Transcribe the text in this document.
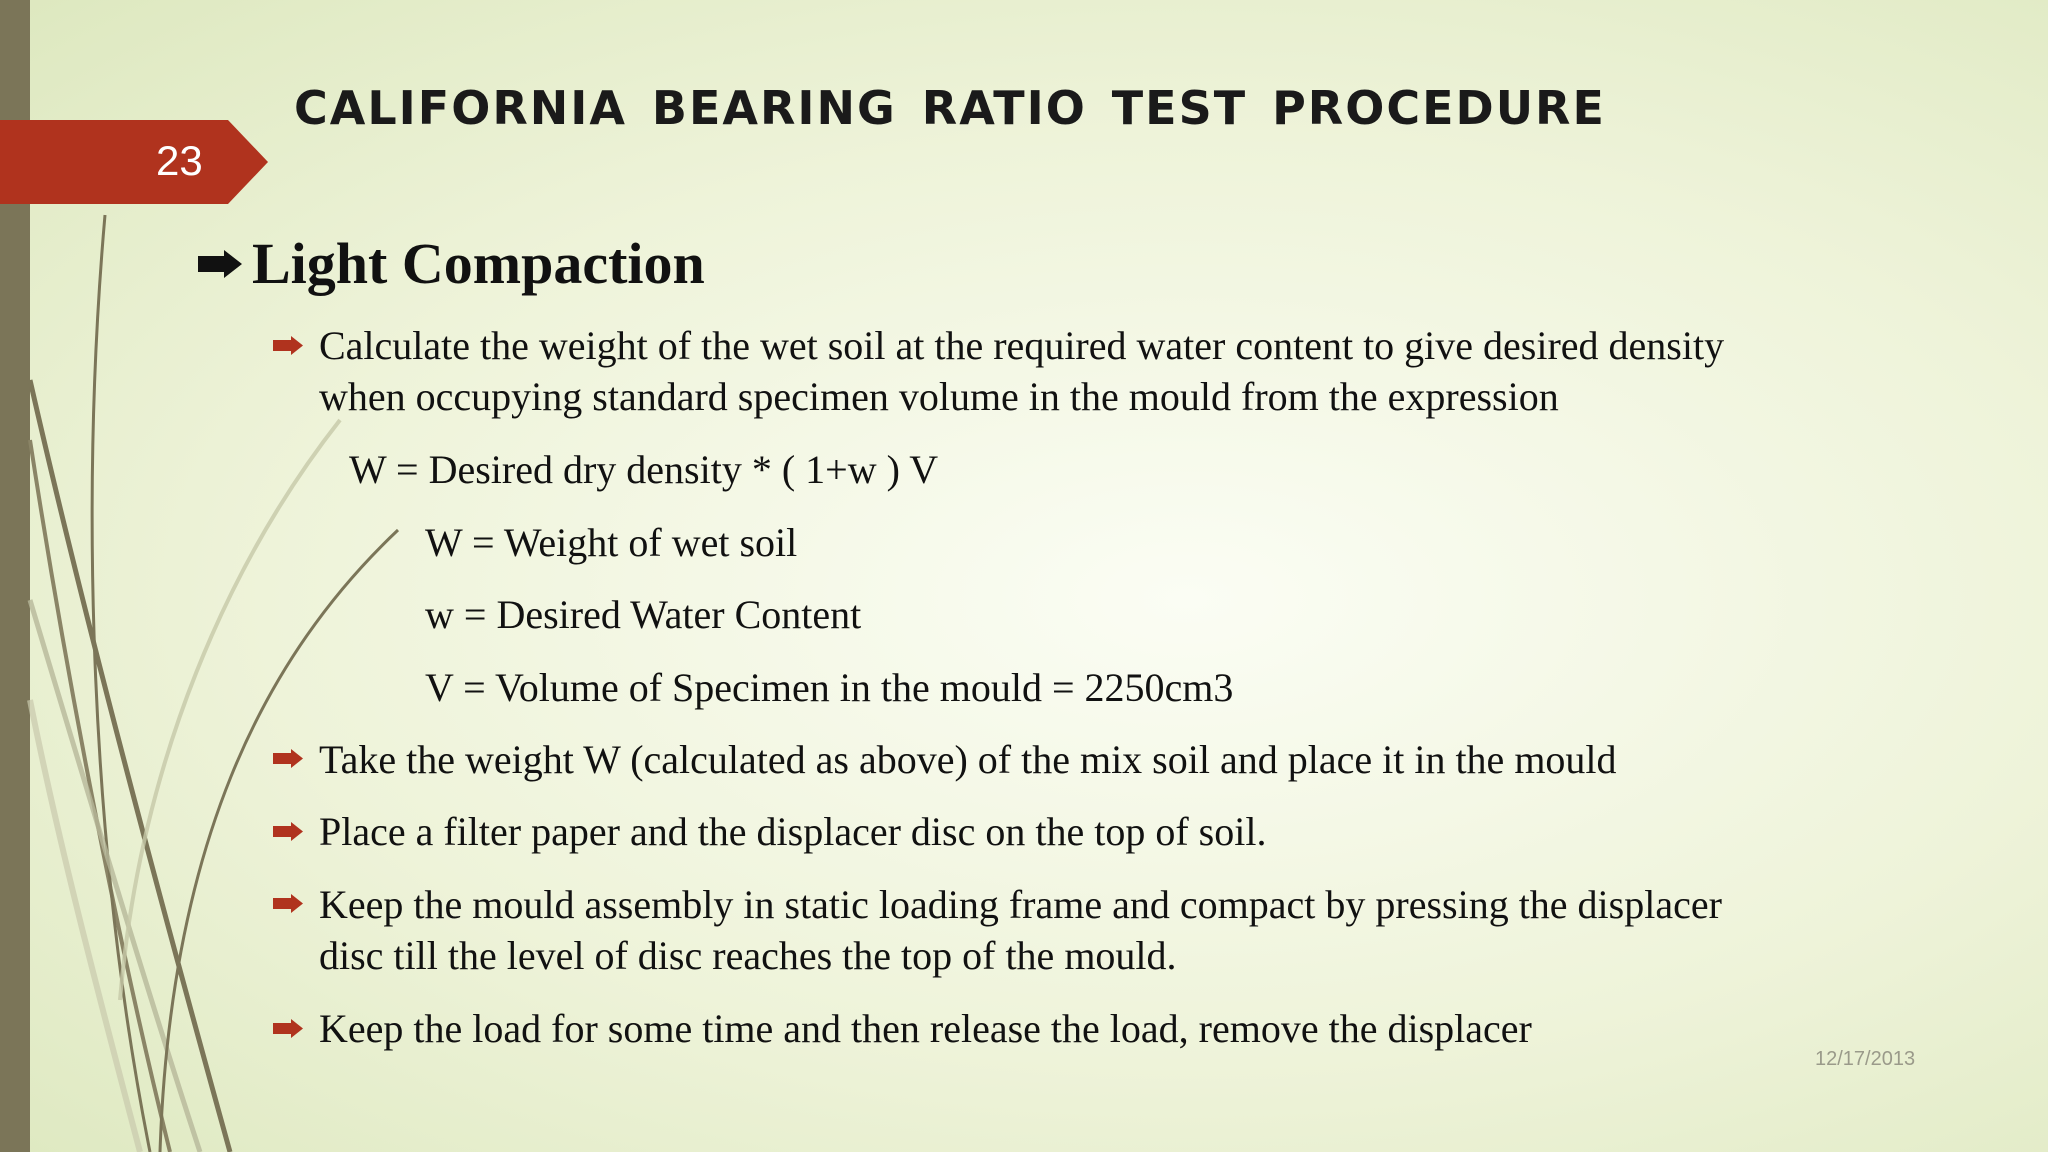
23
california bearing ratio test procedure
Light Compaction
Calculate the weight of the wet soil at the required water content to give desired density
when occupying standard specimen volume in the mould from the expression
W = Desired dry density * ( 1+w ) V
W = Weight of wet soil
w = Desired Water Content
V = Volume of Specimen in the mould = 2250cm3
Take the weight W (calculated as above) of the mix soil and place it in the mould
Place a filter paper and the displacer disc on the top of soil.
Keep the mould assembly in static loading frame and compact by pressing the displacer
disc till the level of disc reaches the top of the mould.
Keep the load for some time and then release the load, remove the displacer
12/17/2013
